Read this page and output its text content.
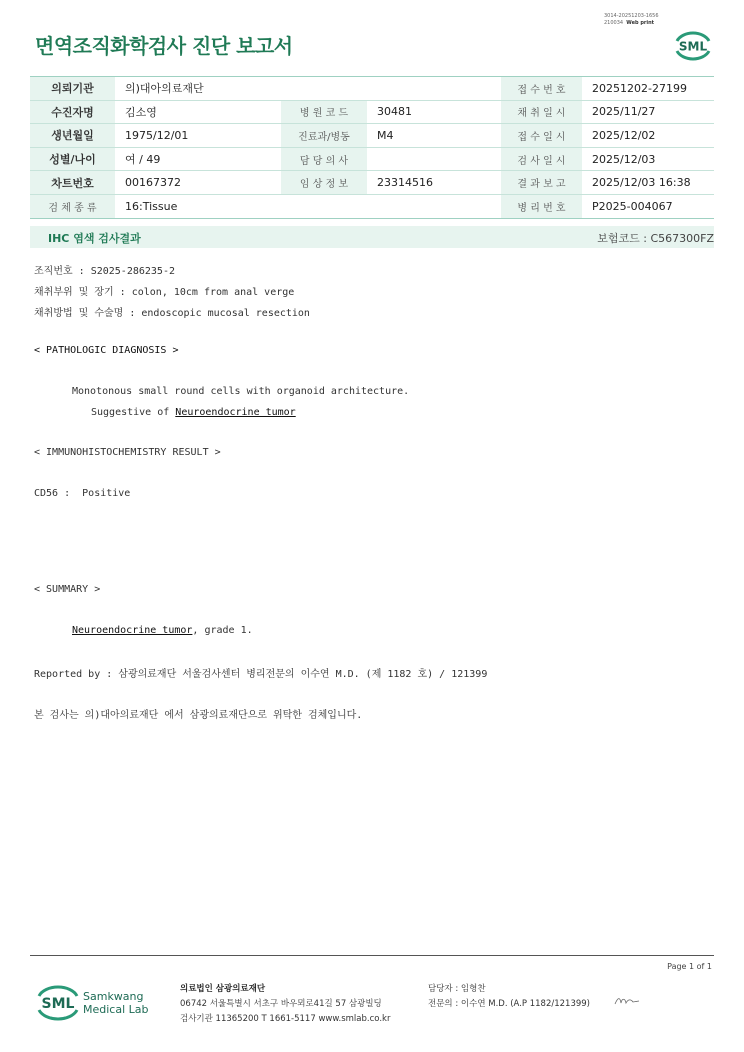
면역조직화학검사 진단 보고서
3014-20251203-1656
210034 Web print
SML
의뢰기관	의)대아의료재단			접 수 번 호	20251202-27199
수진자명	김소영	병 원 코 드	30481	채 취 일 시	2025/11/27
생년월일	1975/12/01	진료과/병동	M4	접 수 일 시	2025/12/02
성별/나이	여 / 49	담 당 의 사		검 사 일 시	2025/12/03
차트번호	00167372	임 상 정 보	23314516	결 과 보 고	2025/12/03 16:38
검 체 종 류	16:Tissue			병 리 번 호	P2025-004067
IHC 염색 검사결과	보험코드 : C567300FZ
조직번호 : S2025-286235-2
채취부위 및 장기 : colon, 10cm from anal verge
채취방법 및 수술명 : endoscopic mucosal resection
< PATHOLOGIC DIAGNOSIS >
Monotonous small round cells with organoid architecture.
Suggestive of Neuroendocrine tumor
< IMMUNOHISTOCHEMISTRY RESULT >
CD56 :  Positive
< SUMMARY >
Neuroendocrine tumor, grade 1.
Reported by : 삼광의료재단 서울검사센터 병리전문의 이수연 M.D. (제 1182 호) / 121399
본 검사는 의)대아의료재단 에서 삼광의료재단으로 위탁한 검체입니다.
Page 1 of 1
SML Samkwang
Medical Lab
의료법인 삼광의료재단
06742 서울특별시 서초구 바우뫼로41길 57 삼광빌딩
검사기관 11365200 T 1661-5117 www.smlab.co.kr
담당자 : 임형찬
전문의 : 이수연 M.D. (A.P 1182/121399)
